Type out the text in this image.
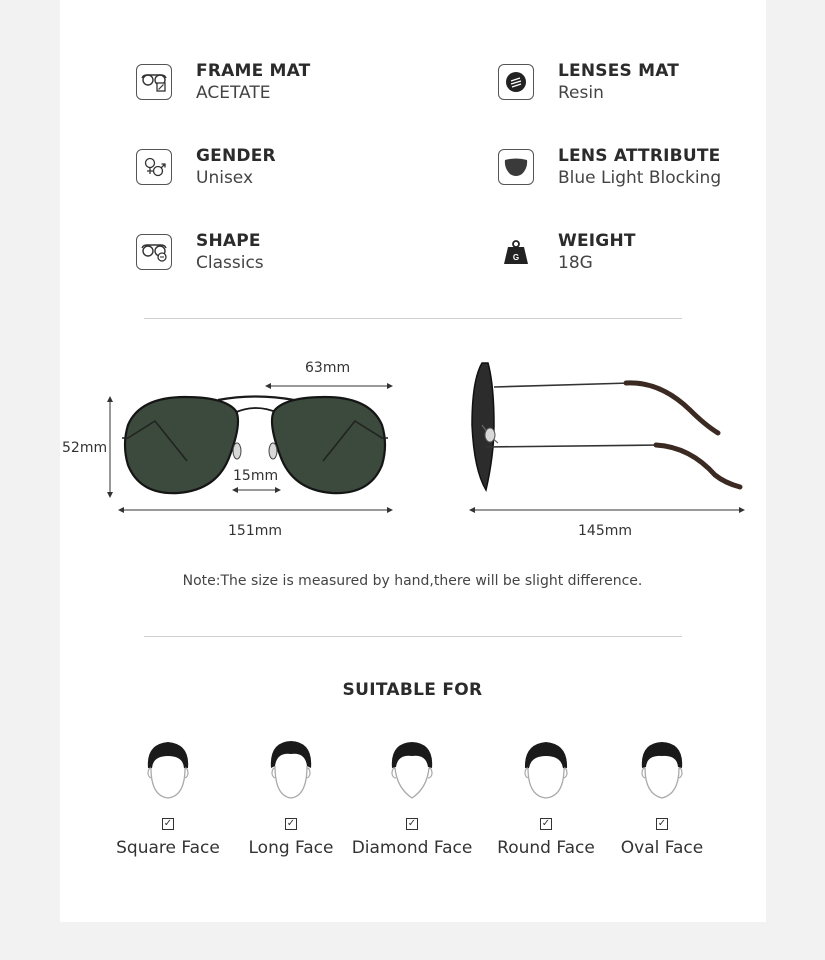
FRAME MAT
ACETATE
LENSES MAT
Resin
GENDER
Unisex
LENS ATTRIBUTE
Blue Light Blocking
SHAPE
Classics	G
WEIGHT
18G
63mm
52mm
15mm
151mm	145mm
Note:The size is measured by hand,there will be slight difference.
SUITABLE FOR
✓
Square Face
✓
Long Face
✓
Diamond Face
✓
Round Face
✓
Oval Face
